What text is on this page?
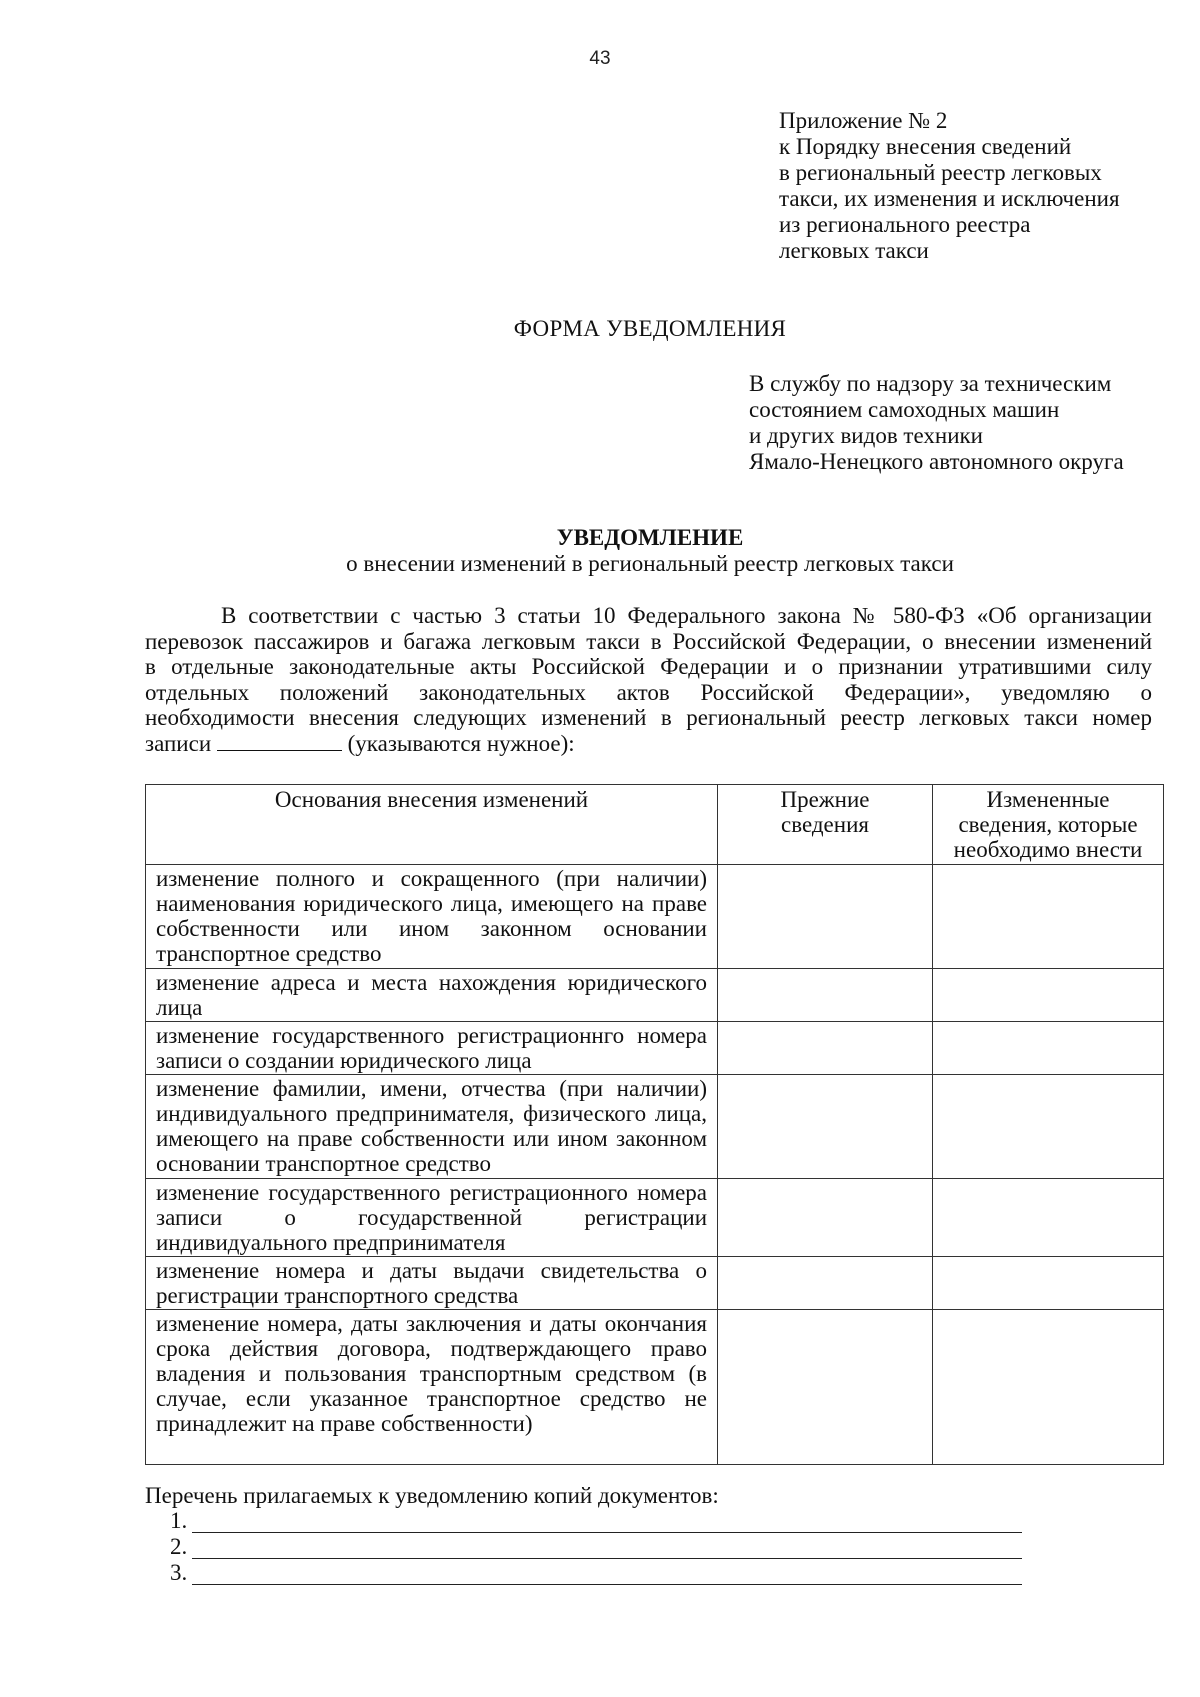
43
Приложение № 2
к Порядку внесения сведений
в региональный реестр легковых
такси, их изменения и исключения
из регионального реестра
легковых такси
ФОРМА УВЕДОМЛЕНИЯ
В службу по надзору за техническим
состоянием самоходных машин
и других видов техники
Ямало-Ненецкого автономного округа
УВЕДОМЛЕНИЕ
о внесении изменений в региональный реестр легковых такси
В соответствии с частью 3 статьи 10 Федерального закона № 580-ФЗ «Об организации
перевозок пассажиров и багажа легковым такси в Российской Федерации, о внесении изменений
в отдельные законодательные акты Российской Федерации и о признании утратившими силу
отдельных положений законодательных актов Российской Федерации», уведомляю о
необходимости внесения следующих изменений в региональный реестр легковых такси номер
записи	(указываются нужное):
Основания внесения изменений	Прежние сведения	Измененные сведения, которые необходимо внести

изменение полного и сокращенного (при наличии) наименования юридического лица, имеющего на праве собственности или ином законном основании транспортное средство		
изменение адреса и места нахождения юридического лица		
изменение государственного регистрационнго номера записи о создании юридического лица		
изменение фамилии, имени, отчества (при наличии) индивидуального предпринимателя, физического лица, имеющего на праве собственности или ином законном основании транспортное средство		
изменение государственного регистрационного номера записи о государственной регистрации индивидуального предпринимателя		
изменение номера и даты выдачи свидетельства о регистрации транспортного средства		
изменение номера, даты заключения и даты окончания срока действия договора, подтверждающего право владения и пользования транспортным средством (в случае, если указанное транспортное средство не принадлежит на праве собственности)		
Перечень прилагаемых к уведомлению копий документов:
1.
2.
3.
